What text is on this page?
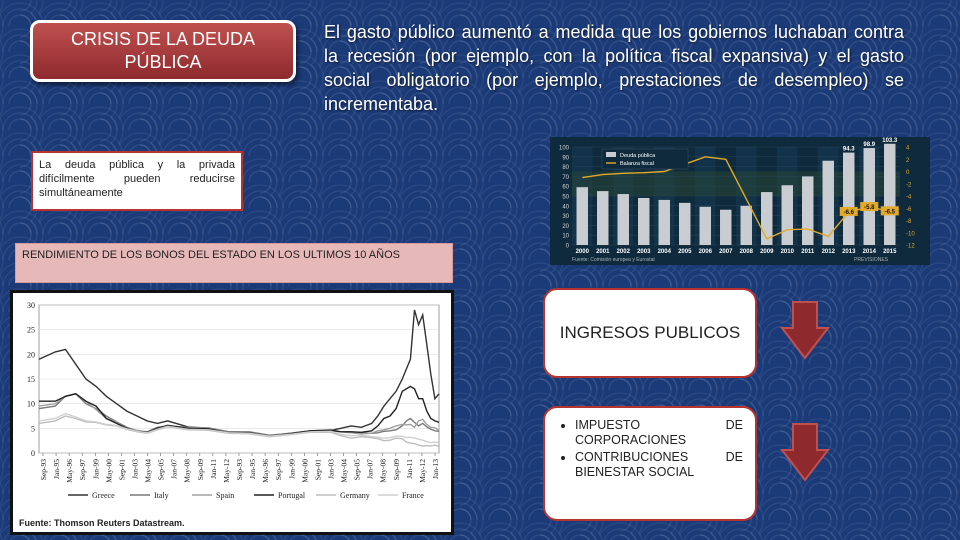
CRISIS DE LA DEUDA PÚBLICA
El gasto público aumentó a medida que los gobiernos luchaban contra la recesión (por ejemplo, con la política fiscal expansiva) y el gasto social obligatorio (por ejemplo, prestaciones de desempleo) se incrementaba.
La deuda pública y la privada difícilmente pueden reducirse simultáneamente
RENDIMIENTO DE LOS BONOS DEL ESTADO EN LOS ULTIMOS 10 AÑOS
0
5
10
15
20
25
30
Sep-93 Jan-95 May-96 Sep-97 Jan-99 May-00 Sep-01 Jan-03 May-04 Sep-05 Jan-07 May-08 Sep-09 Jan-11 May-12 Sep-93 Jan-95 May-96 Sep-97 Jan-99 May-00 Sep-01 Jan-03 May-04 Sep-05 Jan-07 May-08 Sep-09 Jan-11 May-12 Jan-13
Greece	Italy	Spain	Portugal	Germany	France
Fuente: Thomson Reuters Datastream.
0
10
20
30
40
50
60
70
80
90
100	4
2
0
-2
-4
-6
-8
-10
-12
2000 2001 2002 2003 2004 2005 2006 2007 2008 2009 2010 2011 2012 2013 2014 2015
94.3
98.9
103.3
-6.6
-5.8
-6.5
Deuda pública
Balanza fiscal
Fuente: Comisión europea y Eurostat	PREVISIONES
INGRESOS PUBLICOS
• IMPUESTO DE CORPORACIONES
• CONTRIBUCIONES DE BIENESTAR SOCIAL
